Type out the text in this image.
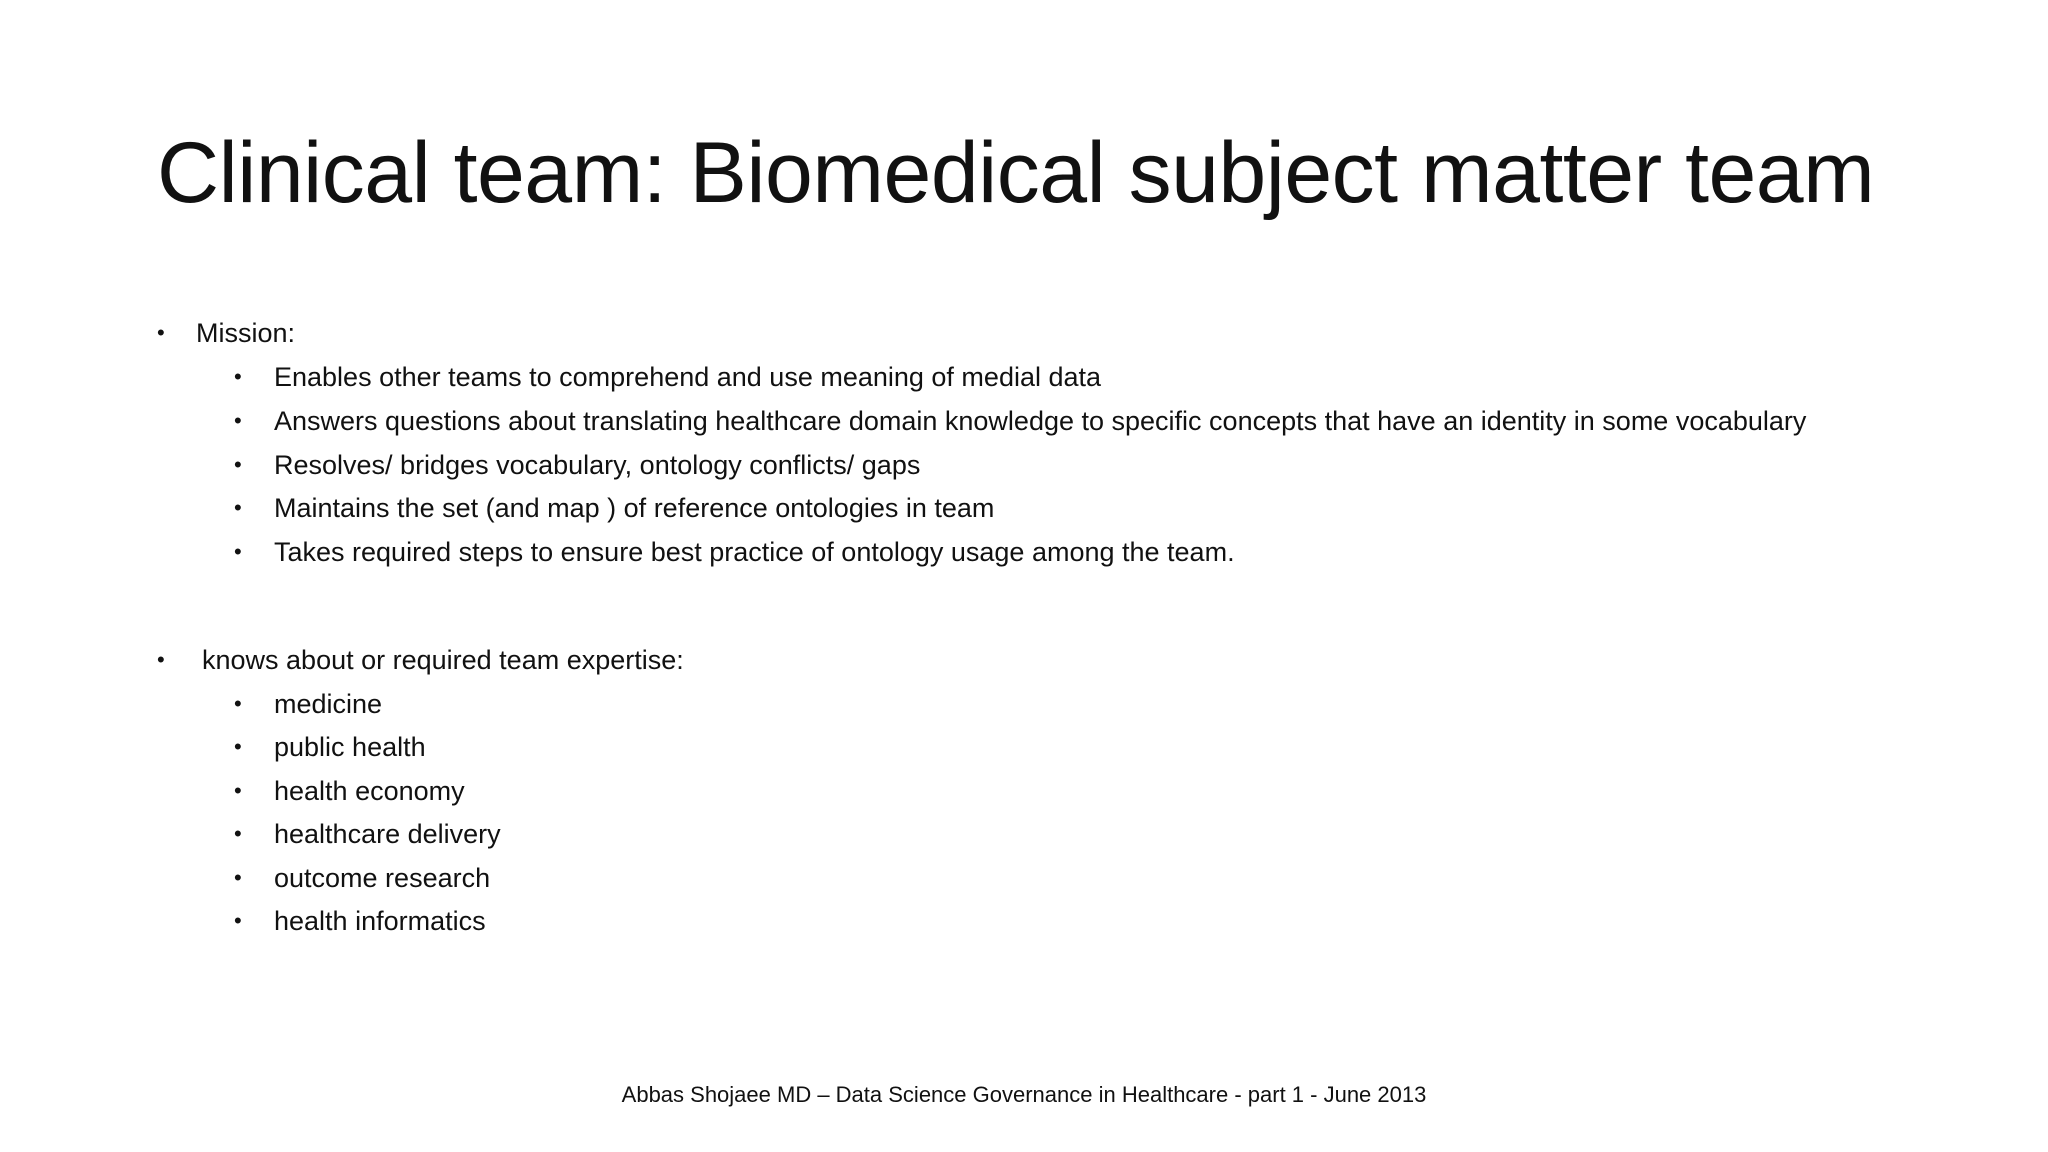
Clinical team: Biomedical subject matter team
• Mission:
• Enables other teams to comprehend and use meaning of medial data
• Answers questions about translating healthcare domain knowledge to specific concepts that have an identity in some vocabulary
• Resolves/ bridges vocabulary, ontology conflicts/ gaps
• Maintains the set (and map ) of reference ontologies in team
• Takes required steps to ensure best practice of ontology usage among the team.
• knows about or required team expertise:
• medicine
• public health
• health economy
• healthcare delivery
• outcome research
• health informatics
Abbas Shojaee MD – Data Science Governance in Healthcare - part 1 - June 2013
